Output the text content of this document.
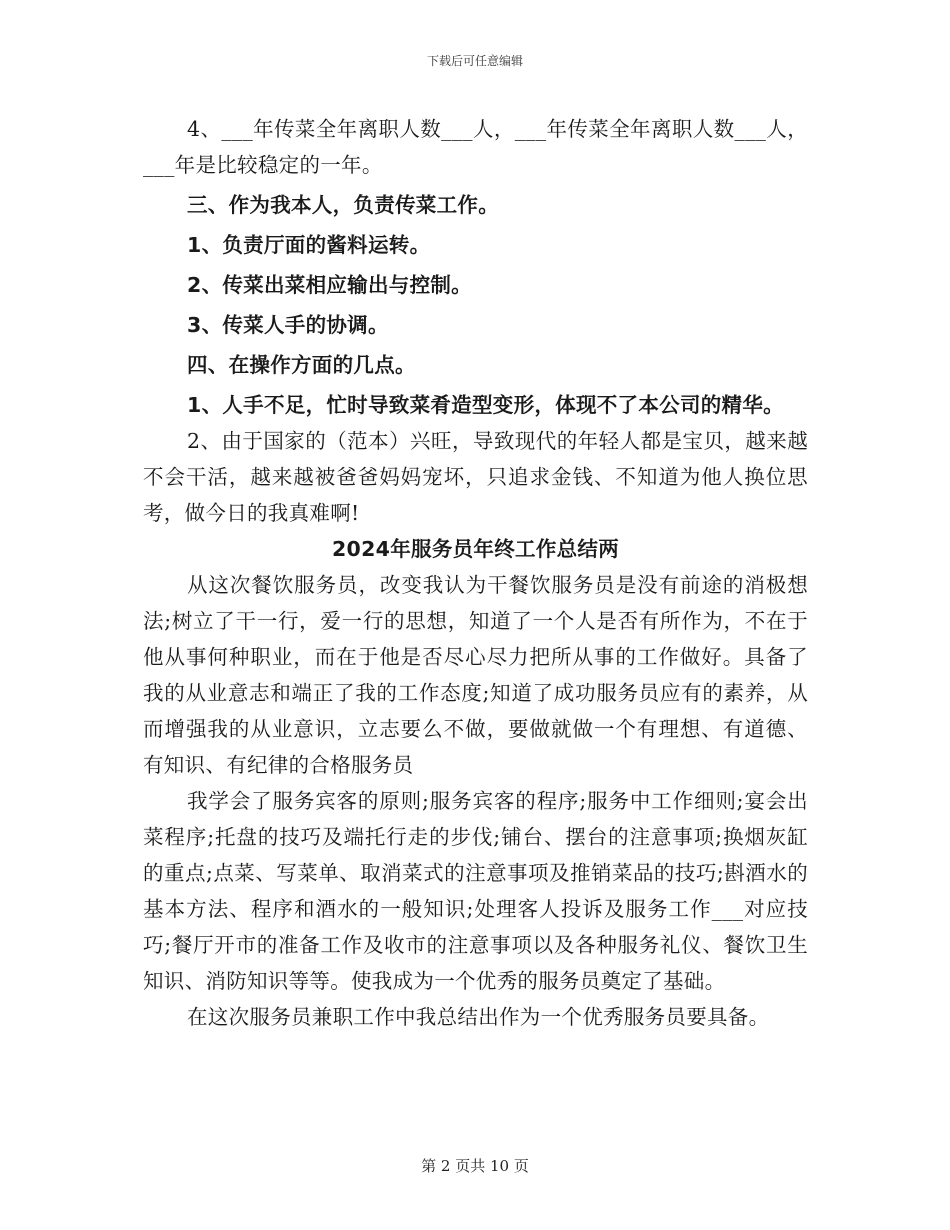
下载后可任意编辑

4、___年传菜全年离职人数___人，___年传菜全年离职人数___人，___年是比较稳定的一年。

三、作为我本人，负责传菜工作。

1、负责厅面的酱料运转。

2、传菜出菜相应输出与控制。

3、传菜人手的协调。

四、在操作方面的几点。

1、人手不足，忙时导致菜肴造型变形，体现不了本公司的精华。

2、由于国家的（范本）兴旺，导致现代的年轻人都是宝贝，越来越不会干活，越来越被爸爸妈妈宠坏，只追求金钱、不知道为他人换位思考，做今日的我真难啊!

2024年服务员年终工作总结两

从这次餐饮服务员，改变我认为干餐饮服务员是没有前途的消极想法;树立了干一行，爱一行的思想，知道了一个人是否有所作为，不在于他从事何种职业，而在于他是否尽心尽力把所从事的工作做好。具备了我的从业意志和端正了我的工作态度;知道了成功服务员应有的素养，从而增强我的从业意识，立志要么不做，要做就做一个有理想、有道德、有知识、有纪律的合格服务员

我学会了服务宾客的原则;服务宾客的程序;服务中工作细则;宴会出菜程序;托盘的技巧及端托行走的步伐;铺台、摆台的注意事项;换烟灰缸的重点;点菜、写菜单、取消菜式的注意事项及推销菜品的技巧;斟酒水的基本方法、程序和酒水的一般知识;处理客人投诉及服务工作___对应技巧;餐厅开市的准备工作及收市的注意事项以及各种服务礼仪、餐饮卫生知识、消防知识等等。使我成为一个优秀的服务员奠定了基础。

在这次服务员兼职工作中我总结出作为一个优秀服务员要具备。

第 2 页共 10 页
